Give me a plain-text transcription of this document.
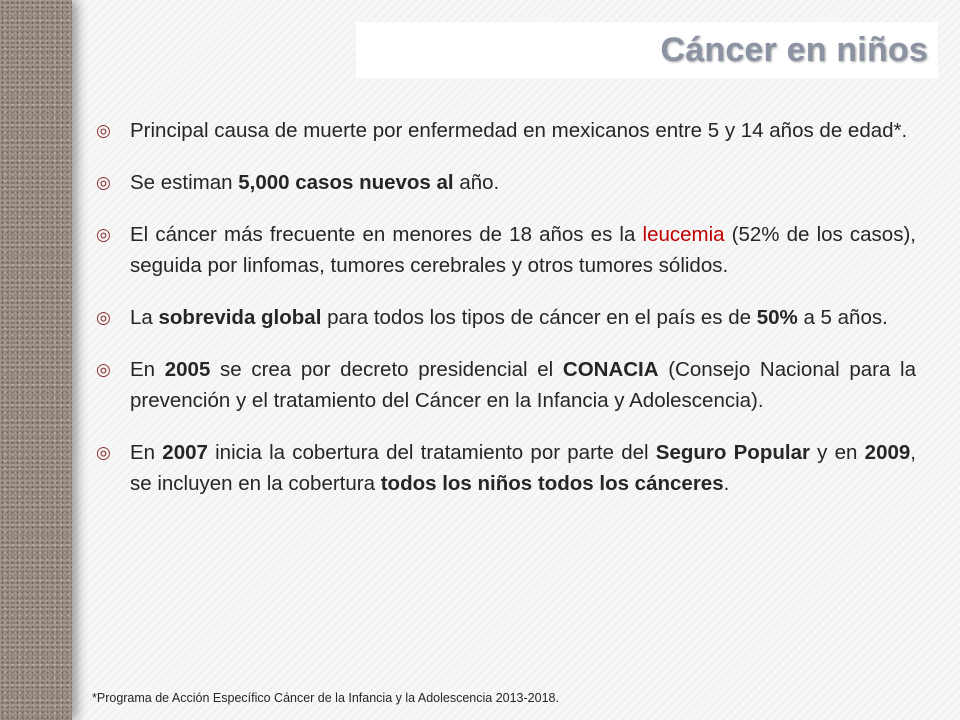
Cáncer en niños
◎ Principal causa de muerte por enfermedad en mexicanos entre 5 y 14 años de edad*.
◎ Se estiman 5,000 casos nuevos al año.
◎ El cáncer más frecuente en menores de 18 años es la leucemia (52% de los casos), seguida por linfomas, tumores cerebrales y otros tumores sólidos.
◎ La sobrevida global para todos los tipos de cáncer en el país es de 50% a 5 años.
◎ En 2005 se crea por decreto presidencial el CONACIA (Consejo Nacional para la prevención y el tratamiento del Cáncer en la Infancia y Adolescencia).
◎ En 2007 inicia la cobertura del tratamiento por parte del Seguro Popular y en 2009, se incluyen en la cobertura todos los niños todos los cánceres.
*Programa de Acción Específico Cáncer de la Infancia y la Adolescencia 2013-2018.
